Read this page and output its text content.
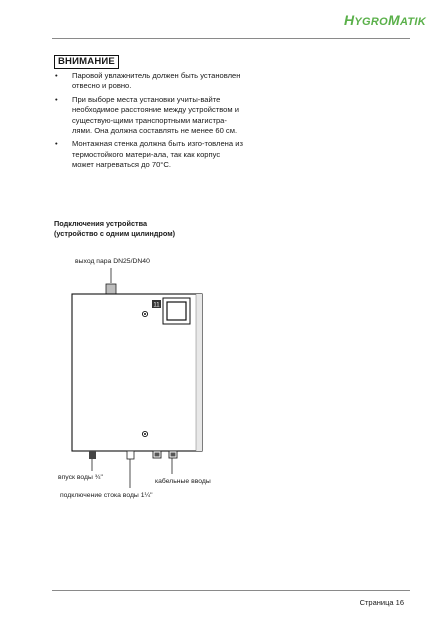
HYGROMATIK
ВНИМАНИЕ
• Паровой увлажнитель должен быть установлен отвесно и ровно.
• При выборе места установки учиты-вайте необходимое расстояние между устройством и существую-щими транспортными магистра-лями. Она должна составлять не менее 60 см.
• Монтажная стенка должна быть изго-товлена из термостойкого матери-ала, так как корпус может нагреваться до 70°С.
Подключения устройства
(устройство с одним цилиндром)
выход пара DN25/DN40
11
впуск воды ¾"
кабельные вводы
подключение стока воды 1¼"
Страница 16
